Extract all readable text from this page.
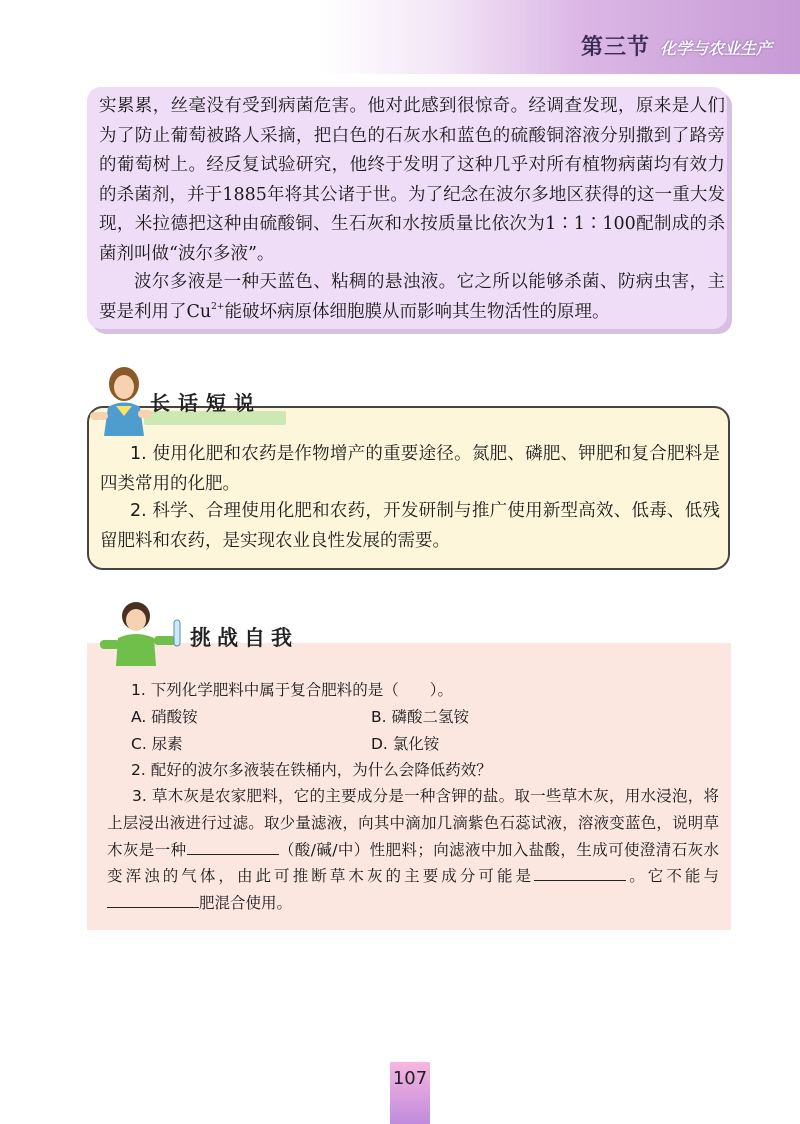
第三节 化学与农业生产

实累累，丝毫没有受到病菌危害。他对此感到很惊奇。经调查发现，原来是人们为了防止葡萄被路人采摘，把白色的石灰水和蓝色的硫酸铜溶液分别撒到了路旁的葡萄树上。经反复试验研究，他终于发明了这种几乎对所有植物病菌均有效力的杀菌剂，并于1885年将其公诸于世。为了纪念在波尔多地区获得的这一重大发现，米拉德把这种由硫酸铜、生石灰和水按质量比依次为1∶1∶100配制成的杀菌剂叫做“波尔多液”。

波尔多液是一种天蓝色、粘稠的悬浊液。它之所以能够杀菌、防病虫害，主要是利用了$Cu^{2+}$能破坏病原体细胞膜从而影响其生物活性的原理。

长话短说

1. 使用化肥和农药是作物增产的重要途径。氮肥、磷肥、钾肥和复合肥料是四类常用的化肥。

2. 科学、合理使用化肥和农药，开发研制与推广使用新型高效、低毒、低残留肥料和农药，是实现农业良性发展的需要。

挑战自我

1. 下列化学肥料中属于复合肥料的是（　　）。

A. 硝酸铵	B. 磷酸二氢铵

C. 尿素	D. 氯化铵

2. 配好的波尔多液装在铁桶内，为什么会降低药效？

3. 草木灰是农家肥料，它的主要成分是一种含钾的盐。取一些草木灰，用水浸泡，将上层浸出液进行过滤。取少量滤液，向其中滴加几滴紫色石蕊试液，溶液变蓝色，说明草木灰是一种	（酸/碱/中）性肥料；向滤液中加入盐酸，生成可使澄清石灰水变浑浊的气体，由此可推断草木灰的主要成分可能是	。它不能与肥混合使用。

107
